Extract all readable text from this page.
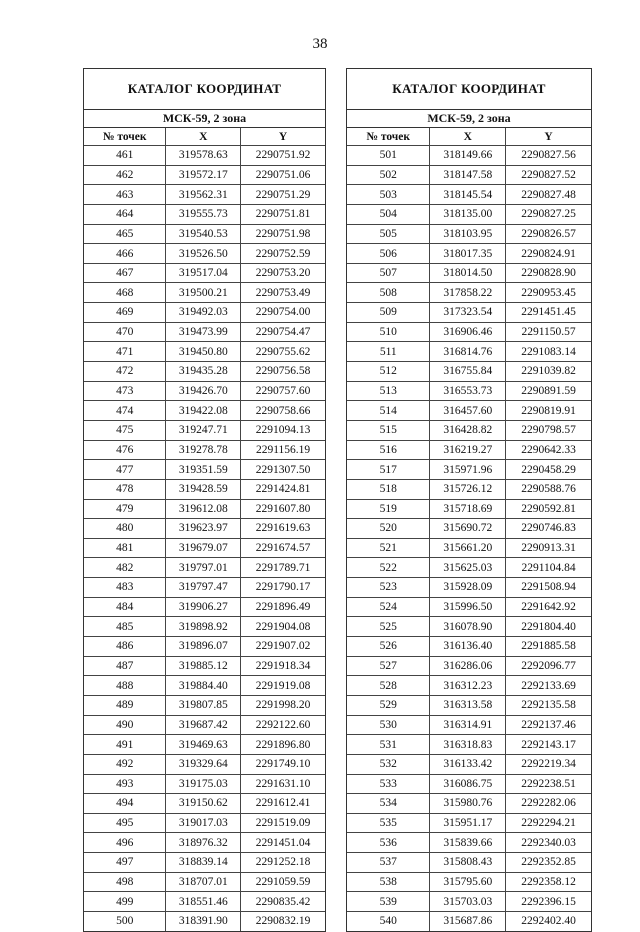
38
КАТАЛОГ КООРДИНАТ
МСК-59, 2 зона
№ точек	X	Y
461	319578.63	2290751.92
462	319572.17	2290751.06
463	319562.31	2290751.29
464	319555.73	2290751.81
465	319540.53	2290751.98
466	319526.50	2290752.59
467	319517.04	2290753.20
468	319500.21	2290753.49
469	319492.03	2290754.00
470	319473.99	2290754.47
471	319450.80	2290755.62
472	319435.28	2290756.58
473	319426.70	2290757.60
474	319422.08	2290758.66
475	319247.71	2291094.13
476	319278.78	2291156.19
477	319351.59	2291307.50
478	319428.59	2291424.81
479	319612.08	2291607.80
480	319623.97	2291619.63
481	319679.07	2291674.57
482	319797.01	2291789.71
483	319797.47	2291790.17
484	319906.27	2291896.49
485	319898.92	2291904.08
486	319896.07	2291907.02
487	319885.12	2291918.34
488	319884.40	2291919.08
489	319807.85	2291998.20
490	319687.42	2292122.60
491	319469.63	2291896.80
492	319329.64	2291749.10
493	319175.03	2291631.10
494	319150.62	2291612.41
495	319017.03	2291519.09
496	318976.32	2291451.04
497	318839.14	2291252.18
498	318707.01	2291059.59
499	318551.46	2290835.42
500	318391.90	2290832.19
КАТАЛОГ КООРДИНАТ
МСК-59, 2 зона
№ точек	X	Y
501	318149.66	2290827.56
502	318147.58	2290827.52
503	318145.54	2290827.48
504	318135.00	2290827.25
505	318103.95	2290826.57
506	318017.35	2290824.91
507	318014.50	2290828.90
508	317858.22	2290953.45
509	317323.54	2291451.45
510	316906.46	2291150.57
511	316814.76	2291083.14
512	316755.84	2291039.82
513	316553.73	2290891.59
514	316457.60	2290819.91
515	316428.82	2290798.57
516	316219.27	2290642.33
517	315971.96	2290458.29
518	315726.12	2290588.76
519	315718.69	2290592.81
520	315690.72	2290746.83
521	315661.20	2290913.31
522	315625.03	2291104.84
523	315928.09	2291508.94
524	315996.50	2291642.92
525	316078.90	2291804.40
526	316136.40	2291885.58
527	316286.06	2292096.77
528	316312.23	2292133.69
529	316313.58	2292135.58
530	316314.91	2292137.46
531	316318.83	2292143.17
532	316133.42	2292219.34
533	316086.75	2292238.51
534	315980.76	2292282.06
535	315951.17	2292294.21
536	315839.66	2292340.03
537	315808.43	2292352.85
538	315795.60	2292358.12
539	315703.03	2292396.15
540	315687.86	2292402.40
